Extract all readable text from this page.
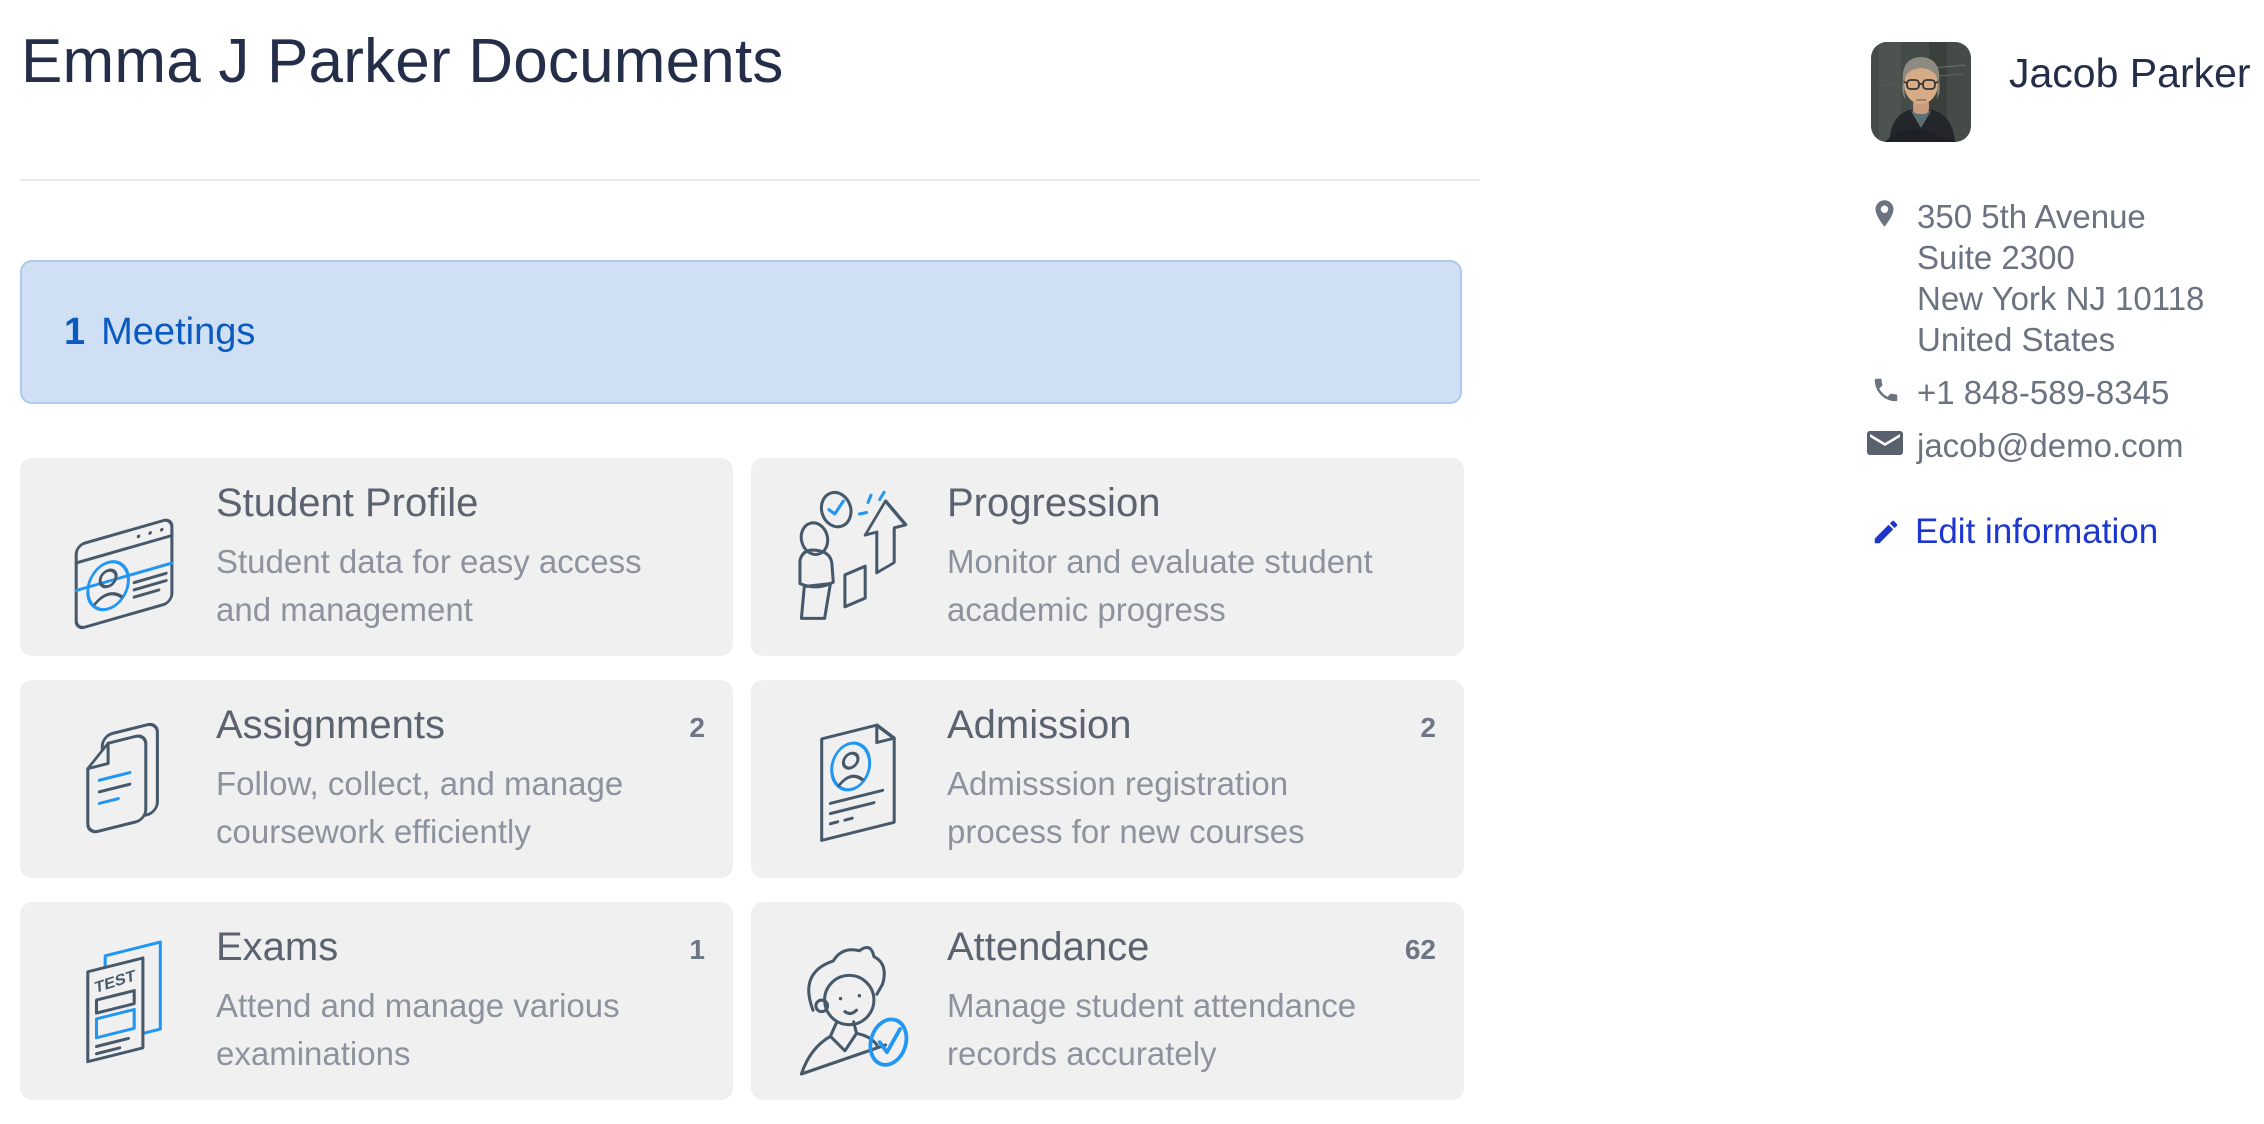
Emma J Parker Documents
1 Meetings
Student Profile
Student data for easy access and management
Progression
Monitor and evaluate student academic progress
Assignments
Follow, collect, and manage coursework efficiently
2	Admission
Admisssion registration process for new courses
2
TEST
Exams
Attend and manage various examinations
1	Attendance
Manage student attendance records accurately
62
Jacob Parker
350 5th Avenue
Suite 2300
New York NJ 10118
United States
+1 848-589-8345
jacob@demo.com
Edit information
